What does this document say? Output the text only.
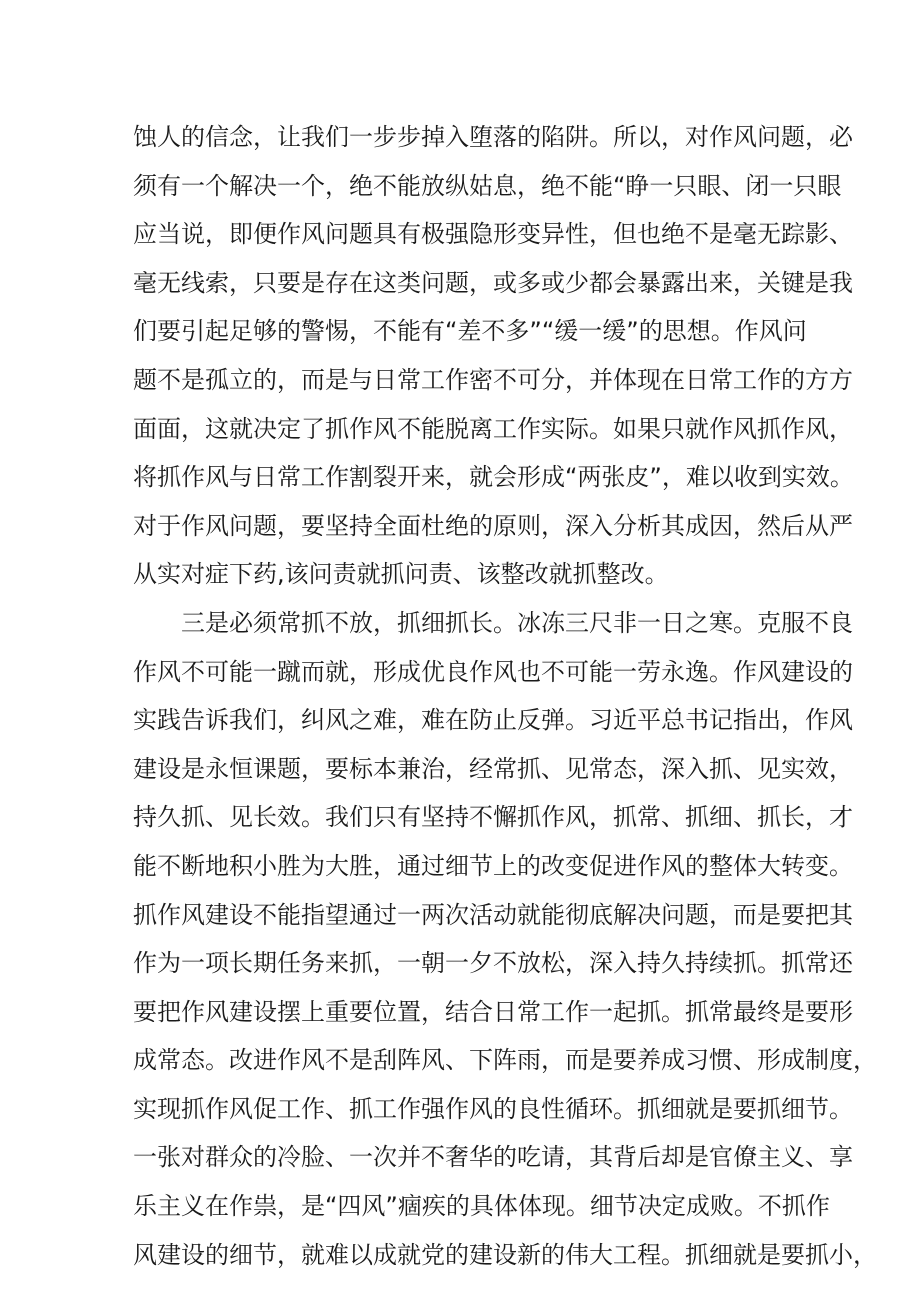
蚀人的信念，让我们一步步掉入堕落的陷阱。所以，对作风问题，必
须有一个解决一个，绝不能放纵姑息，绝不能“睁一只眼、闭一只眼
应当说，即便作风问题具有极强隐形变异性，但也绝不是毫无踪影、
毫无线索，只要是存在这类问题，或多或少都会暴露出来，关键是我
们要引起足够的警惕，不能有“差不多”“缓一缓”的思想。作风问
题不是孤立的，而是与日常工作密不可分，并体现在日常工作的方方
面面，这就决定了抓作风不能脱离工作实际。如果只就作风抓作风，
将抓作风与日常工作割裂开来，就会形成“两张皮”，难以收到实效。
对于作风问题，要坚持全面杜绝的原则，深入分析其成因，然后从严
从实对症下药,该问责就抓问责、该整改就抓整改。
三是必须常抓不放，抓细抓长。冰冻三尺非一日之寒。克服不良
作风不可能一蹴而就，形成优良作风也不可能一劳永逸。作风建设的
实践告诉我们，纠风之难，难在防止反弹。习近平总书记指出，作风
建设是永恒课题，要标本兼治，经常抓、见常态，深入抓、见实效，
持久抓、见长效。我们只有坚持不懈抓作风，抓常、抓细、抓长，才
能不断地积小胜为大胜，通过细节上的改变促进作风的整体大转变。
抓作风建设不能指望通过一两次活动就能彻底解决问题，而是要把其
作为一项长期任务来抓，一朝一夕不放松，深入持久持续抓。抓常还
要把作风建设摆上重要位置，结合日常工作一起抓。抓常最终是要形
成常态。改进作风不是刮阵风、下阵雨，而是要养成习惯、形成制度，
实现抓作风促工作、抓工作强作风的良性循环。抓细就是要抓细节。
一张对群众的冷脸、一次并不奢华的吃请，其背后却是官僚主义、享
乐主义在作祟，是“四风”痼疾的具体体现。细节决定成败。不抓作
风建设的细节，就难以成就党的建设新的伟大工程。抓细就是要抓小，
